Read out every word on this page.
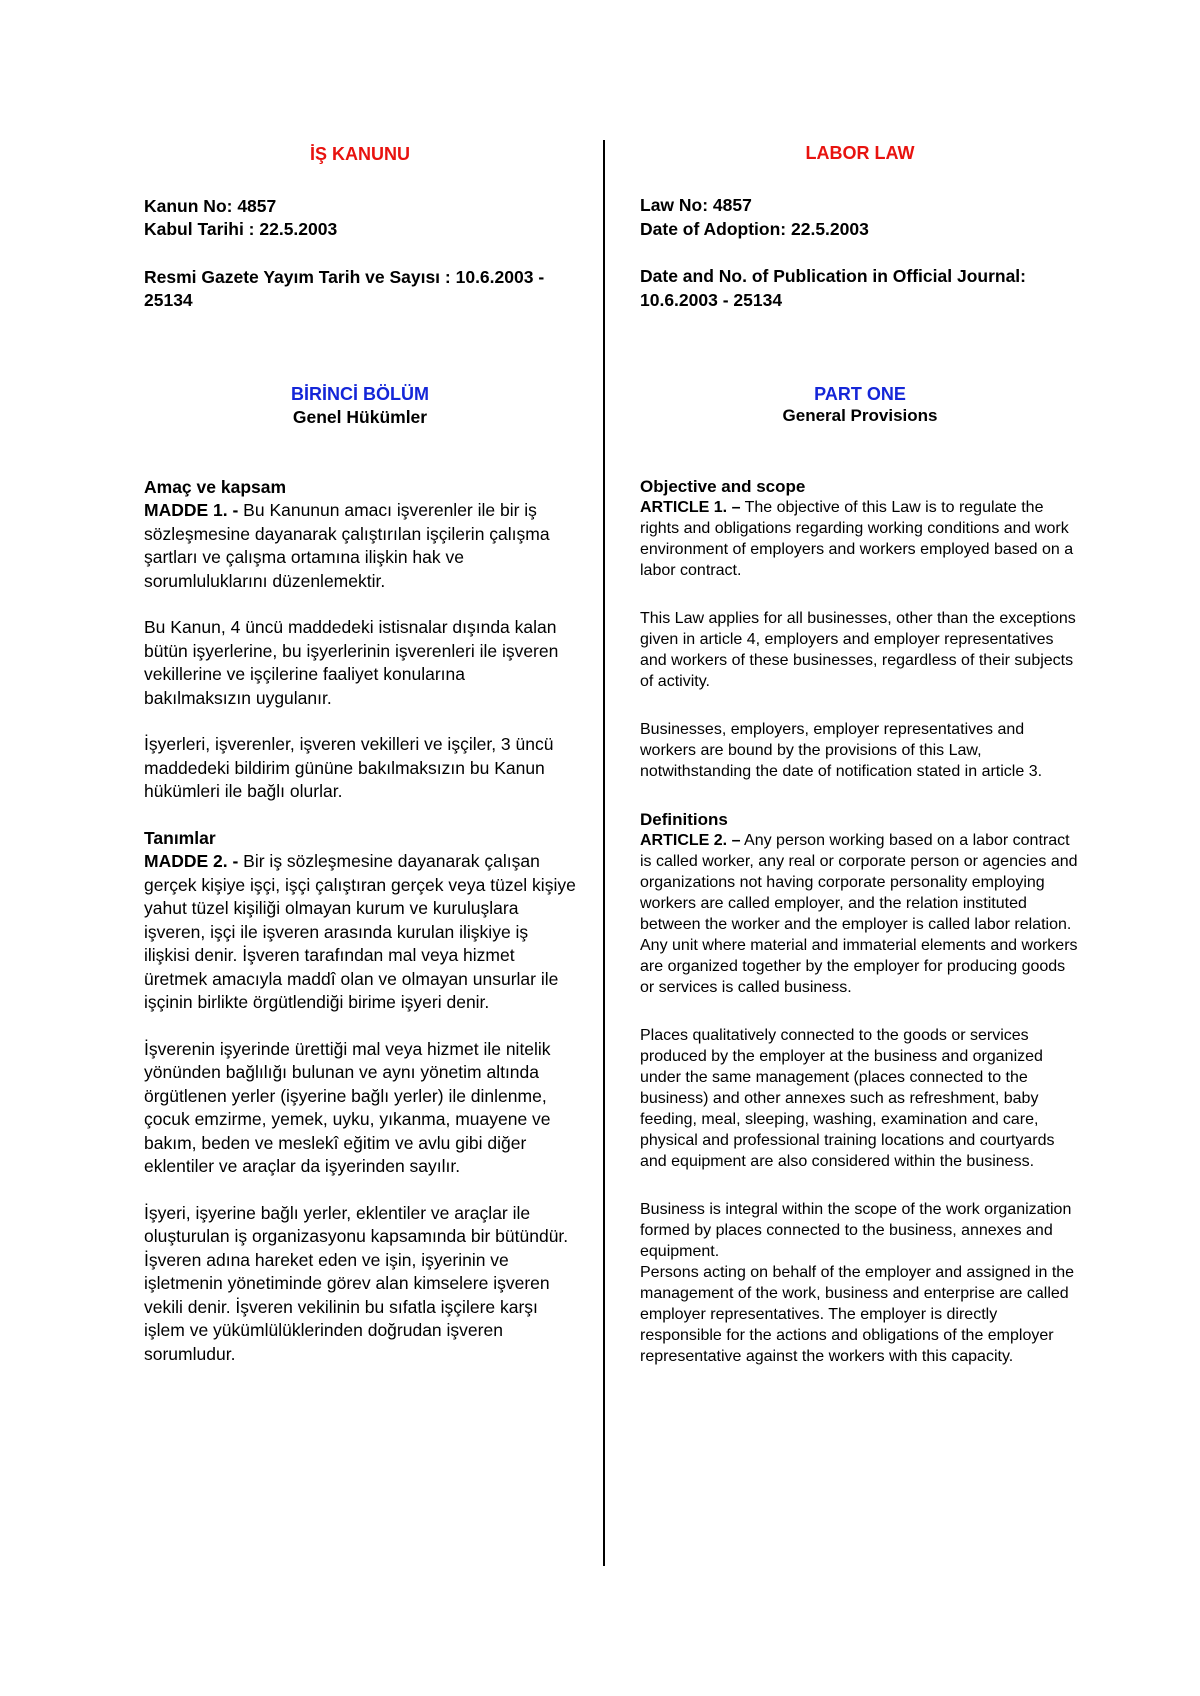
İŞ KANUNU

Kanun No: 4857

Kabul Tarihi : 22.5.2003

Resmi Gazete Yayım Tarih ve Sayısı : 10.6.2003 - 25134

BİRİNCİ BÖLÜM
Genel Hükümler

Amaç ve kapsam

MADDE 1. - Bu Kanunun amacı işverenler ile bir iş sözleşmesine dayanarak çalıştırılan işçilerin çalışma şartları ve çalışma ortamına ilişkin hak ve sorumluluklarını düzenlemektir.

Bu Kanun, 4 üncü maddedeki istisnalar dışında kalan bütün işyerlerine, bu işyerlerinin işverenleri ile işveren vekillerine ve işçilerine faaliyet konularına bakılmaksızın uygulanır.

İşyerleri, işverenler, işveren vekilleri ve işçiler, 3 üncü maddedeki bildirim gününe bakılmaksızın bu Kanun hükümleri ile bağlı olurlar.

Tanımlar

MADDE 2. - Bir iş sözleşmesine dayanarak çalışan gerçek kişiye işçi, işçi çalıştıran gerçek veya tüzel kişiye yahut tüzel kişiliği olmayan kurum ve kuruluşlara işveren, işçi ile işveren arasında kurulan ilişkiye iş ilişkisi denir. İşveren tarafından mal veya hizmet üretmek amacıyla maddî olan ve olmayan unsurlar ile işçinin birlikte örgütlendiği birime işyeri denir.

İşverenin işyerinde ürettiği mal veya hizmet ile nitelik yönünden bağlılığı bulunan ve aynı yönetim altında örgütlenen yerler (işyerine bağlı yerler) ile dinlenme, çocuk emzirme, yemek, uyku, yıkanma, muayene ve bakım, beden ve meslekî eğitim ve avlu gibi diğer eklentiler ve araçlar da işyerinden sayılır.

İşyeri, işyerine bağlı yerler, eklentiler ve araçlar ile oluşturulan iş organizasyonu kapsamında bir bütündür.

İşveren adına hareket eden ve işin, işyerinin ve işletmenin yönetiminde görev alan kimselere işveren vekili denir. İşveren vekilinin bu sıfatla işçilere karşı işlem ve yükümlülüklerinden doğrudan işveren sorumludur.

LABOR LAW

Law No: 4857

Date of Adoption: 22.5.2003

Date and No. of Publication in Official Journal: 10.6.2003 - 25134

PART ONE
General Provisions

Objective and scope

ARTICLE 1. – The objective of this Law is to regulate the rights and obligations regarding working conditions and work environment of employers and workers employed based on a labor contract.

This Law applies for all businesses, other than the exceptions given in article 4, employers and employer representatives and workers of these businesses, regardless of their subjects of activity.

Businesses, employers, employer representatives and workers are bound by the provisions of this Law, notwithstanding the date of notification stated in article 3.

Definitions

ARTICLE 2. – Any person working based on a labor contract is called worker, any real or corporate person or agencies and organizations not having corporate personality employing workers are called employer, and the relation instituted between the worker and the employer is called labor relation. Any unit where material and immaterial elements and workers are organized together by the employer for producing goods or services is called business.

Places qualitatively connected to the goods or services produced by the employer at the business and organized under the same management (places connected to the business) and other annexes such as refreshment, baby feeding, meal, sleeping, washing, examination and care, physical and professional training locations and courtyards and equipment are also considered within the business.

Business is integral within the scope of the work organization formed by places connected to the business, annexes and equipment.

Persons acting on behalf of the employer and assigned in the management of the work, business and enterprise are called employer representatives. The employer is directly responsible for the actions and obligations of the employer representative against the workers with this capacity.
